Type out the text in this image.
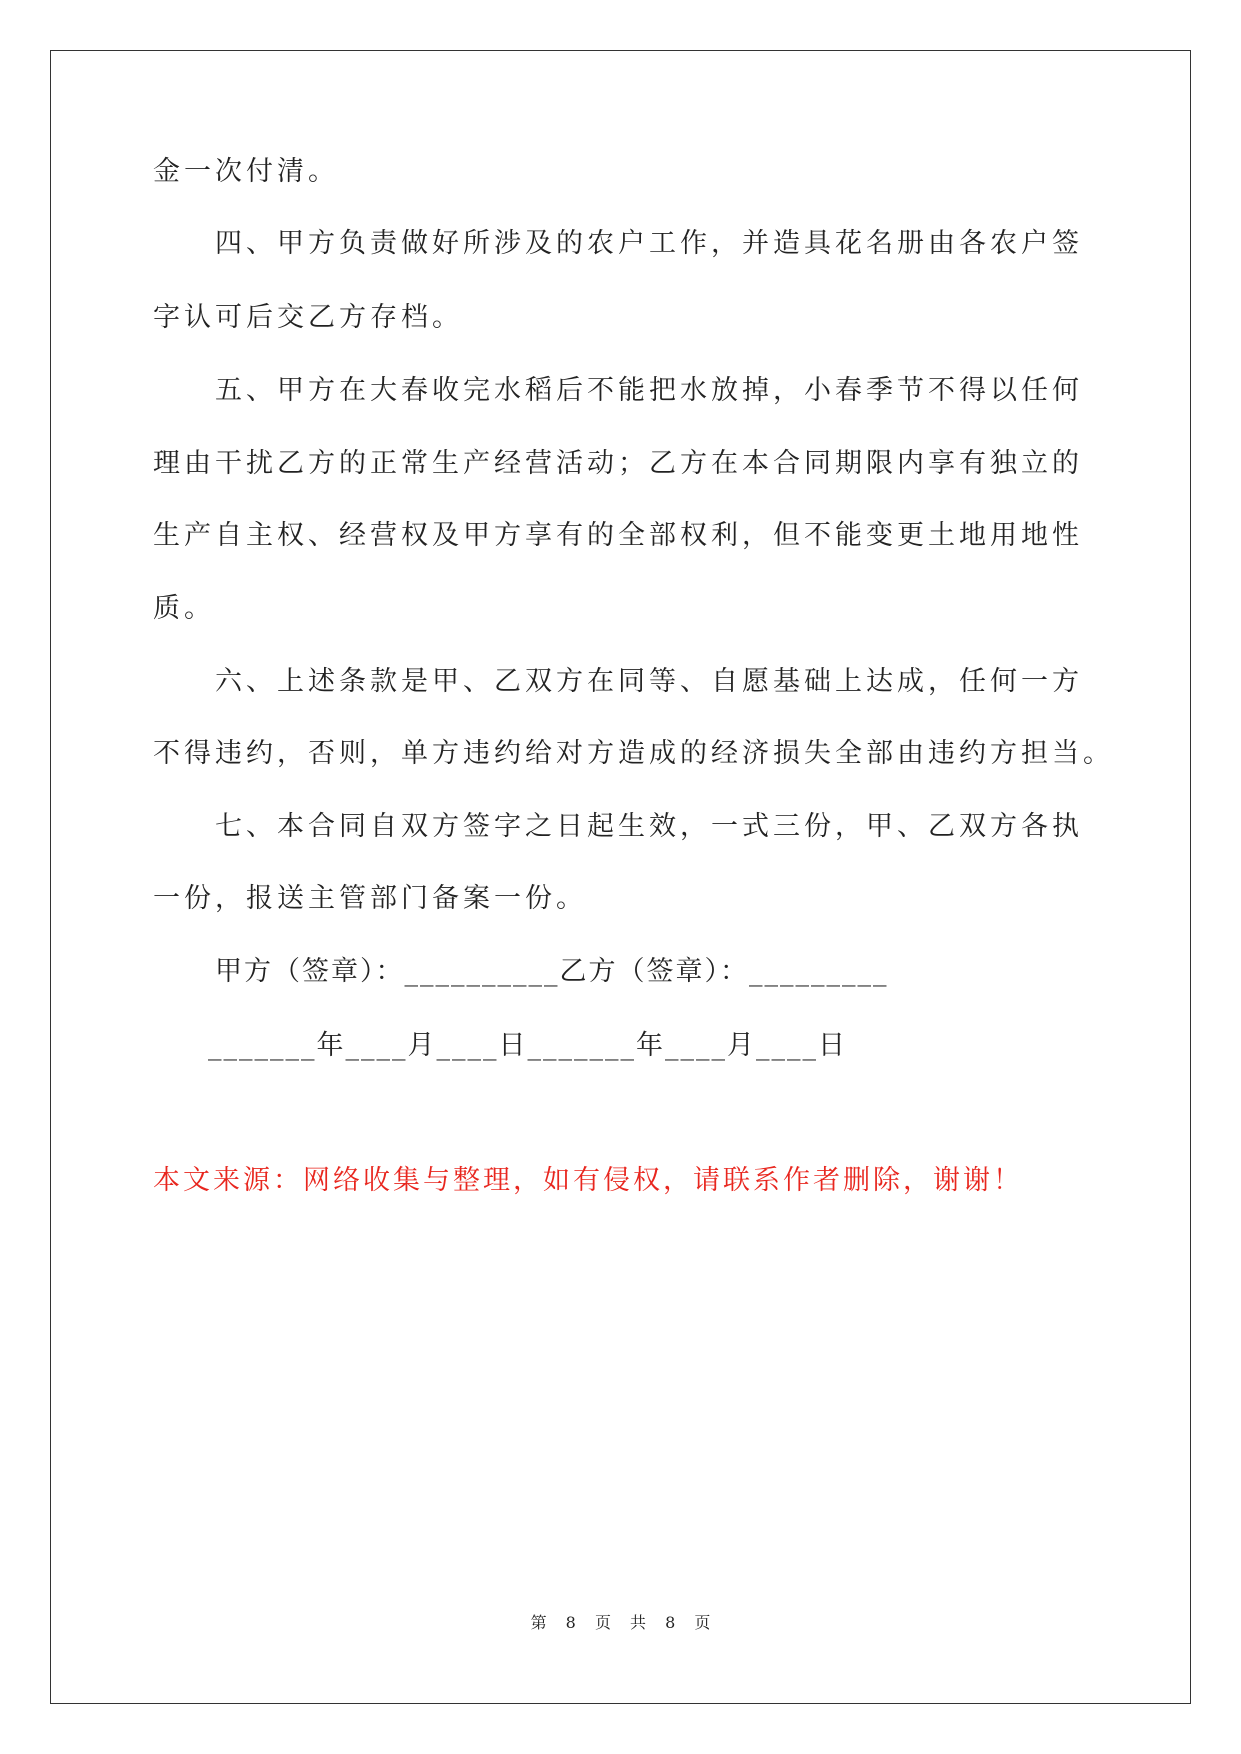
金一次付清。
四、甲方负责做好所涉及的农户工作，并造具花名册由各农户签
字认可后交乙方存档。
五、甲方在大春收完水稻后不能把水放掉，小春季节不得以任何
理由干扰乙方的正常生产经营活动；乙方在本合同期限内享有独立的
生产自主权、经营权及甲方享有的全部权利，但不能变更土地用地性
质。
六、上述条款是甲、乙双方在同等、自愿基础上达成，任何一方
不得违约，否则，单方违约给对方造成的经济损失全部由违约方担当。
七、本合同自双方签字之日起生效，一式三份，甲、乙双方各执
一份，报送主管部门备案一份。
甲方（签章）：__________乙方（签章）：_________
_______年____月____日_______年____月____日
本文来源：网络收集与整理，如有侵权，请联系作者删除，谢谢！
第 8 页 共 8 页
